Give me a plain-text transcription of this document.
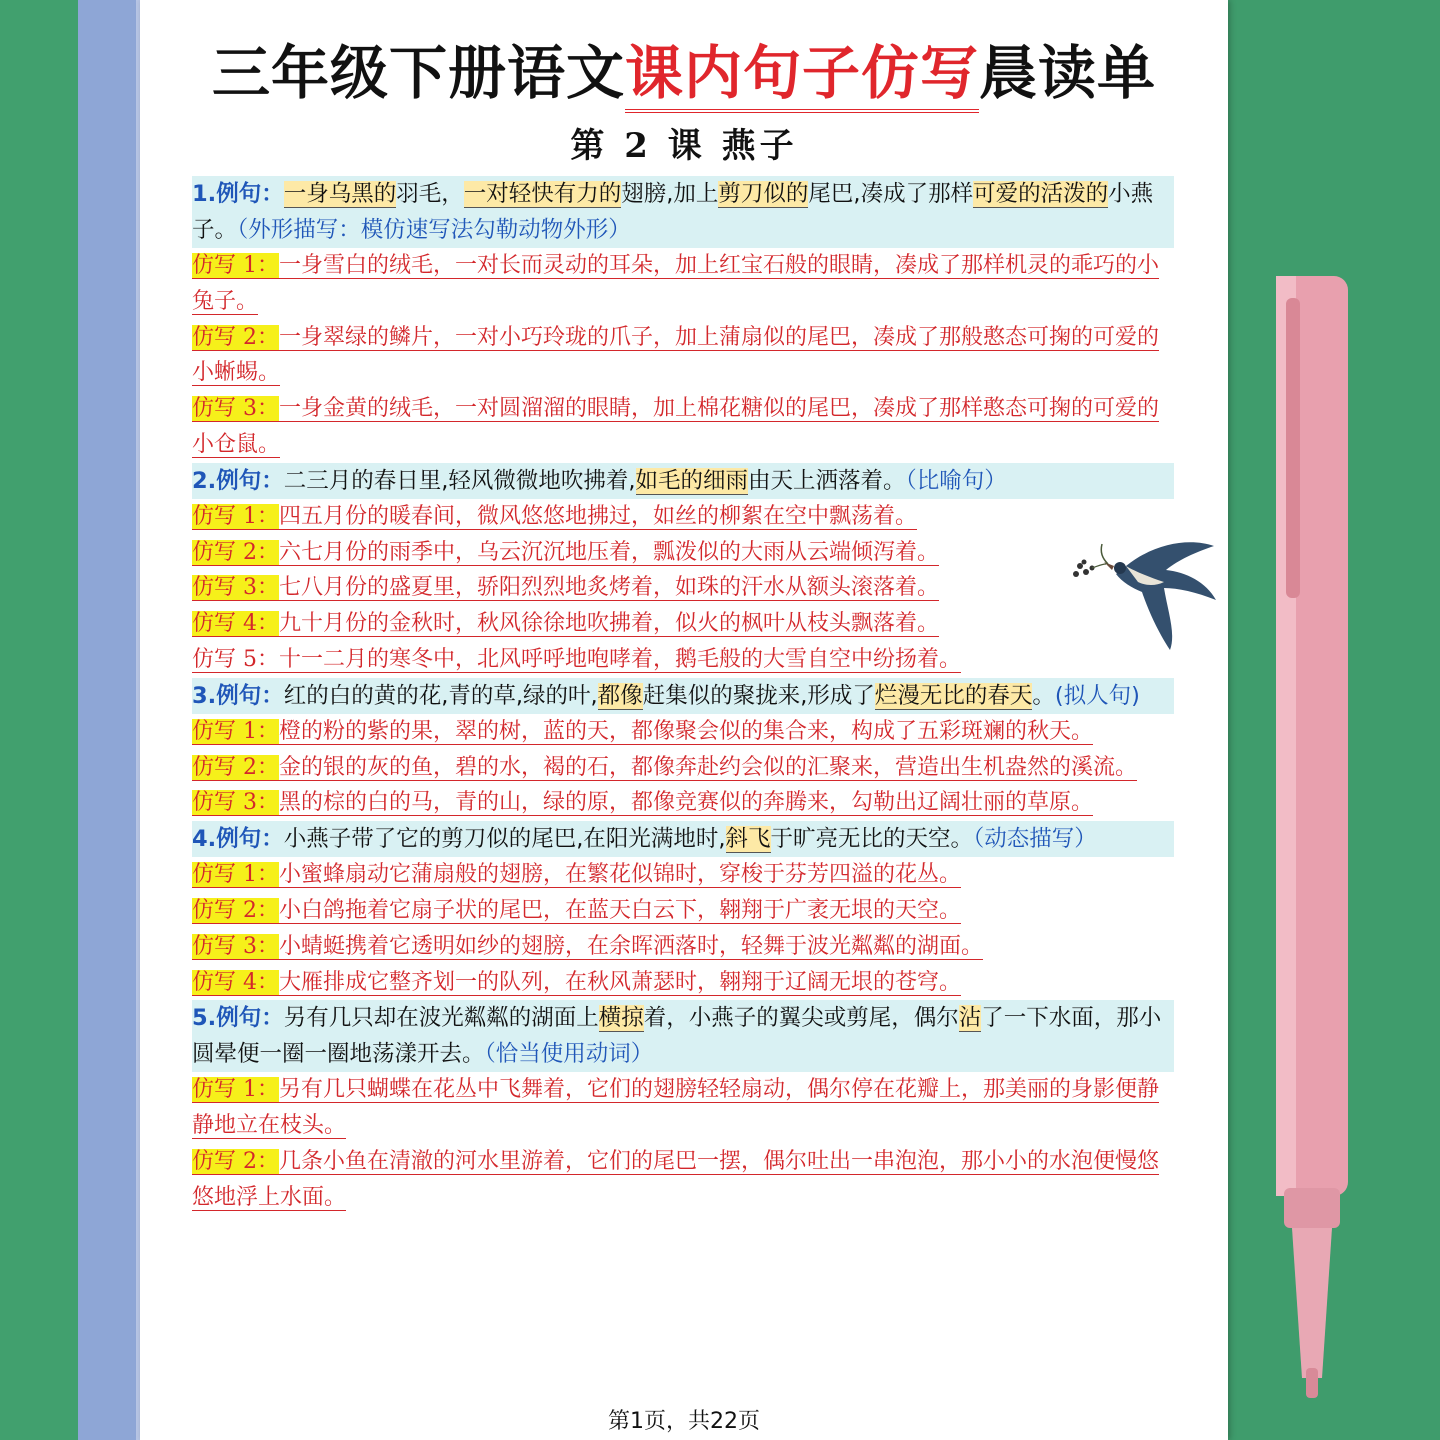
三年级下册语文课内句子仿写晨读单
第 2 课 燕子
1.例句：一身乌黑的羽毛，一对轻快有力的翅膀,加上剪刀似的尾巴,凑成了那样可爱的活泼的小燕子。（外形描写：模仿速写法勾勒动物外形）
仿写 1：一身雪白的绒毛，一对长而灵动的耳朵，加上红宝石般的眼睛，凑成了那样机灵的乖巧的小兔子。
仿写 2：一身翠绿的鳞片，一对小巧玲珑的爪子，加上蒲扇似的尾巴，凑成了那般憨态可掬的可爱的小蜥蜴。
仿写 3：一身金黄的绒毛，一对圆溜溜的眼睛，加上棉花糖似的尾巴，凑成了那样憨态可掬的可爱的小仓鼠。
2.例句：二三月的春日里,轻风微微地吹拂着,如毛的细雨由天上洒落着。（比喻句）
仿写 1：四五月份的暖春间，微风悠悠地拂过，如丝的柳絮在空中飘荡着。
仿写 2：六七月份的雨季中，乌云沉沉地压着，瓢泼似的大雨从云端倾泻着。
仿写 3：七八月份的盛夏里，骄阳烈烈地炙烤着，如珠的汗水从额头滚落着。
仿写 4：九十月份的金秋时，秋风徐徐地吹拂着，似火的枫叶从枝头飘落着。
仿写 5：十一二月的寒冬中，北风呼呼地咆哮着，鹅毛般的大雪自空中纷扬着。
3.例句：红的白的黄的花,青的草,绿的叶,都像赶集似的聚拢来,形成了烂漫无比的春天。(拟人句)
仿写 1：橙的粉的紫的果，翠的树，蓝的天，都像聚会似的集合来，构成了五彩斑斓的秋天。
仿写 2：金的银的灰的鱼，碧的水，褐的石，都像奔赴约会似的汇聚来，营造出生机盎然的溪流。
仿写 3：黑的棕的白的马，青的山，绿的原，都像竞赛似的奔腾来，勾勒出辽阔壮丽的草原。
4.例句：小燕子带了它的剪刀似的尾巴,在阳光满地时,斜飞于旷亮无比的天空。（动态描写）
仿写 1：小蜜蜂扇动它蒲扇般的翅膀，在繁花似锦时，穿梭于芬芳四溢的花丛。
仿写 2：小白鸽拖着它扇子状的尾巴，在蓝天白云下，翱翔于广袤无垠的天空。
仿写 3：小蜻蜓携着它透明如纱的翅膀，在余晖洒落时，轻舞于波光粼粼的湖面。
仿写 4：大雁排成它整齐划一的队列，在秋风萧瑟时，翱翔于辽阔无垠的苍穹。
5.例句：另有几只却在波光粼粼的湖面上横掠着，小燕子的翼尖或剪尾，偶尔沾了一下水面，那小圆晕便一圈一圈地荡漾开去。（恰当使用动词）
仿写 1：另有几只蝴蝶在花丛中飞舞着，它们的翅膀轻轻扇动，偶尔停在花瓣上，那美丽的身影便静静地立在枝头。
仿写 2：几条小鱼在清澈的河水里游着，它们的尾巴一摆，偶尔吐出一串泡泡，那小小的水泡便慢悠悠地浮上水面。
第1页，共22页
